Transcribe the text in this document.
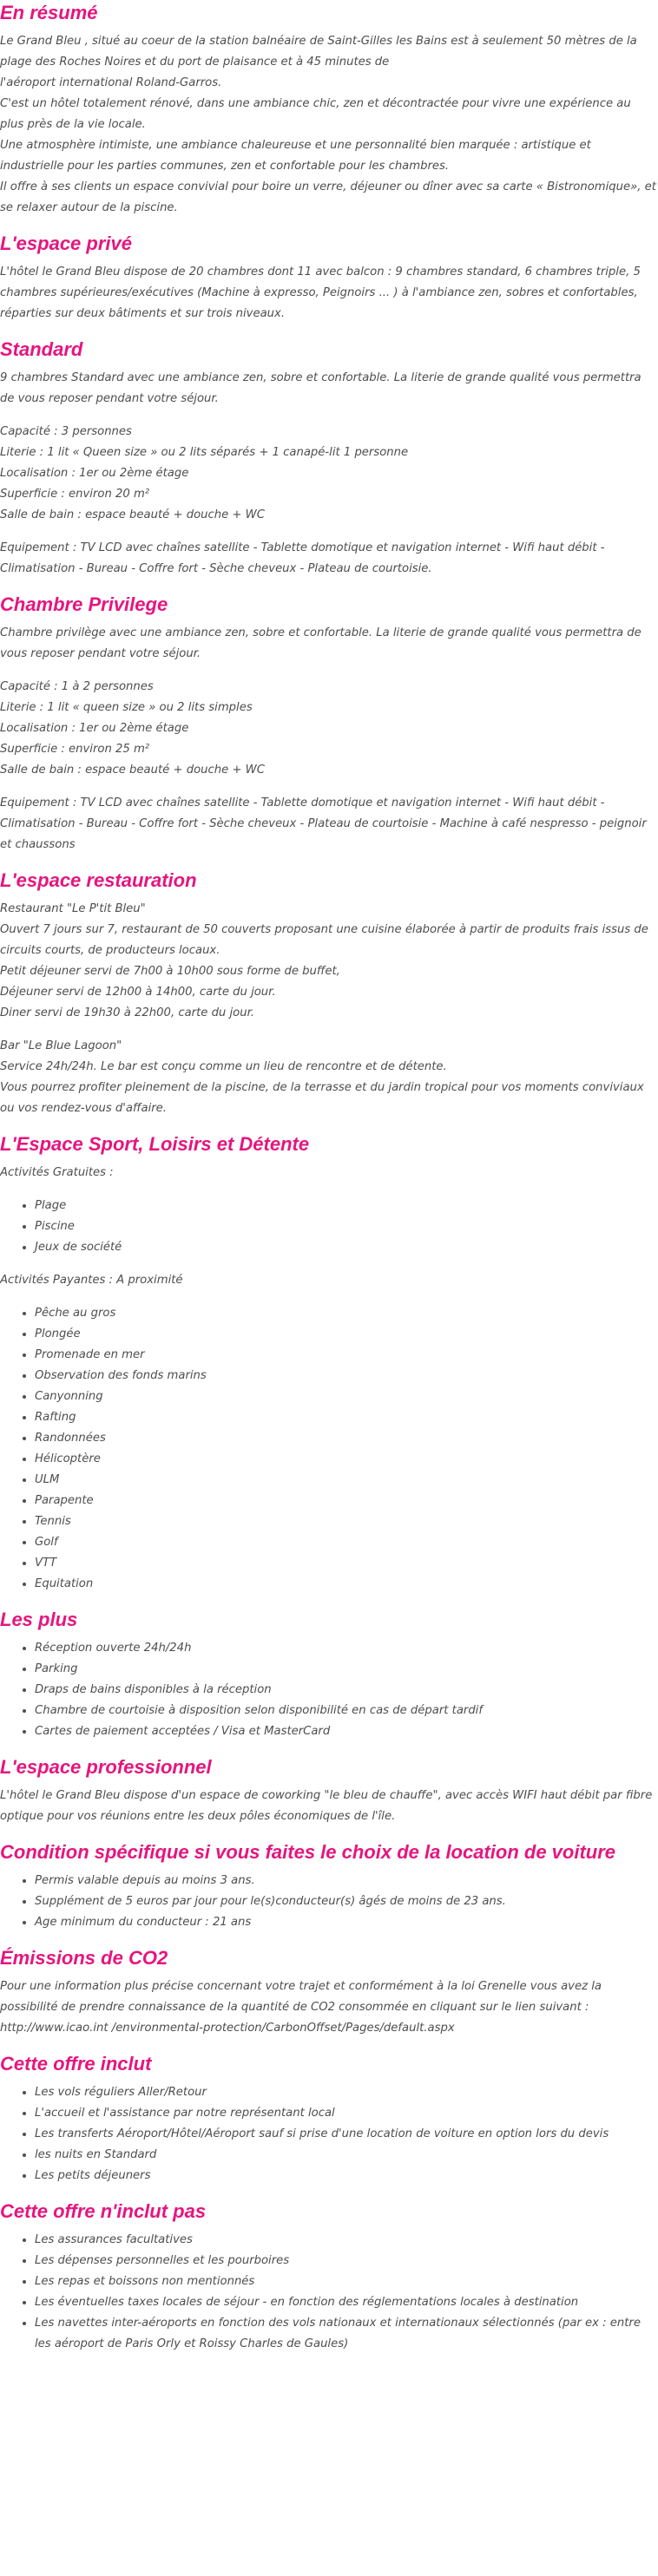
En résumé

Le Grand Bleu , situé au coeur de la station balnéaire de Saint-Gilles les Bains est à seulement 50 mètres de la plage des Roches Noires et du port de plaisance et à 45 minutes de
l'aéroport international Roland-Garros.
C'est un hôtel totalement rénové, dans une ambiance chic, zen et décontractée pour vivre une expérience au plus près de la vie locale.
Une atmosphère intimiste, une ambiance chaleureuse et une personnalité bien marquée : artistique et industrielle pour les parties communes, zen et confortable pour les chambres.
Il offre à ses clients un espace convivial pour boire un verre, déjeuner ou dîner avec sa carte « Bistronomique», et se relaxer autour de la piscine.

L'espace privé

L'hôtel le Grand Bleu dispose de 20 chambres dont 11 avec balcon : 9 chambres standard, 6 chambres triple, 5 chambres supérieures/exécutives (Machine à expresso, Peignoirs ... ) à l'ambiance zen, sobres et confortables, réparties sur deux bâtiments et sur trois niveaux.

Standard

9 chambres Standard avec une ambiance zen, sobre et confortable. La literie de grande qualité vous permettra de vous reposer pendant votre séjour.

Capacité : 3 personnes
Literie : 1 lit « Queen size » ou 2 lits séparés + 1 canapé-lit 1 personne
Localisation : 1er ou 2ème étage
Superficie : environ 20 m²
Salle de bain : espace beauté + douche + WC

Equipement : TV LCD avec chaînes satellite - Tablette domotique et navigation internet - Wifi haut débit - Climatisation - Bureau - Coffre fort - Sèche cheveux - Plateau de courtoisie.

Chambre Privilege

Chambre privilège avec une ambiance zen, sobre et confortable. La literie de grande qualité vous permettra de vous reposer pendant votre séjour.

Capacité : 1 à 2 personnes
Literie : 1 lit « queen size » ou 2 lits simples
Localisation : 1er ou 2ème étage
Superficie : environ 25 m²
Salle de bain : espace beauté + douche + WC

Equipement : TV LCD avec chaînes satellite - Tablette domotique et navigation internet - Wifi haut débit - Climatisation - Bureau - Coffre fort - Sèche cheveux - Plateau de courtoisie - Machine à café nespresso - peignoir et chaussons

L'espace restauration

Restaurant "Le P'tit Bleu"
Ouvert 7 jours sur 7, restaurant de 50 couverts proposant une cuisine élaborée à partir de produits frais issus de circuits courts, de producteurs locaux.
Petit déjeuner servi de 7h00 à 10h00 sous forme de buffet,
Déjeuner servi de 12h00 à 14h00, carte du jour.
Diner servi de 19h30 à 22h00, carte du jour.

Bar "Le Blue Lagoon"
Service 24h/24h. Le bar est conçu comme un lieu de rencontre et de détente.
Vous pourrez profiter pleinement de la piscine, de la terrasse et du jardin tropical pour vos moments conviviaux ou vos rendez-vous d'affaire.

L'Espace Sport, Loisirs et Détente

Activités Gratuites :

• Plage
• Piscine
• Jeux de société

Activités Payantes : A proximité

• Pêche au gros
• Plongée
• Promenade en mer
• Observation des fonds marins
• Canyonning
• Rafting
• Randonnées
• Hélicoptère
• ULM
• Parapente
• Tennis
• Golf
• VTT
• Equitation
Les plus
• Réception ouverte 24h/24h
• Parking
• Draps de bains disponibles à la réception
• Chambre de courtoisie à disposition selon disponibilité en cas de départ tardif
• Cartes de paiement acceptées / Visa et MasterCard
L'espace professionnel

L'hôtel le Grand Bleu dispose d'un espace de coworking "le bleu de chauffe", avec accès WIFI haut débit par fibre optique pour vos réunions entre les deux pôles économiques de l'île.

Condition spécifique si vous faites le choix de la location de voiture
• Permis valable depuis au moins 3 ans.
• Supplément de 5 euros par jour pour le(s)conducteur(s) âgés de moins de 23 ans.
• Age minimum du conducteur : 21 ans
Émissions de CO2

Pour une information plus précise concernant votre trajet et conformément à la loi Grenelle vous avez la possibilité de prendre connaissance de la quantité de CO2 consommée en cliquant sur le lien suivant : http://www.icao.int /environmental-protection/CarbonOffset/Pages/default.aspx

Cette offre inclut
• Les vols réguliers Aller/Retour
• L'accueil et l'assistance par notre représentant local
• Les transferts Aéroport/Hôtel/Aéroport sauf si prise d'une location de voiture en option lors du devis
• les nuits en Standard
• Les petits déjeuners
Cette offre n'inclut pas
• Les assurances facultatives
• Les dépenses personnelles et les pourboires
• Les repas et boissons non mentionnés
• Les éventuelles taxes locales de séjour - en fonction des réglementations locales à destination
• Les navettes inter-aéroports en fonction des vols nationaux et internationaux sélectionnés (par ex : entre les aéroport de Paris Orly et Roissy Charles de Gaules)
